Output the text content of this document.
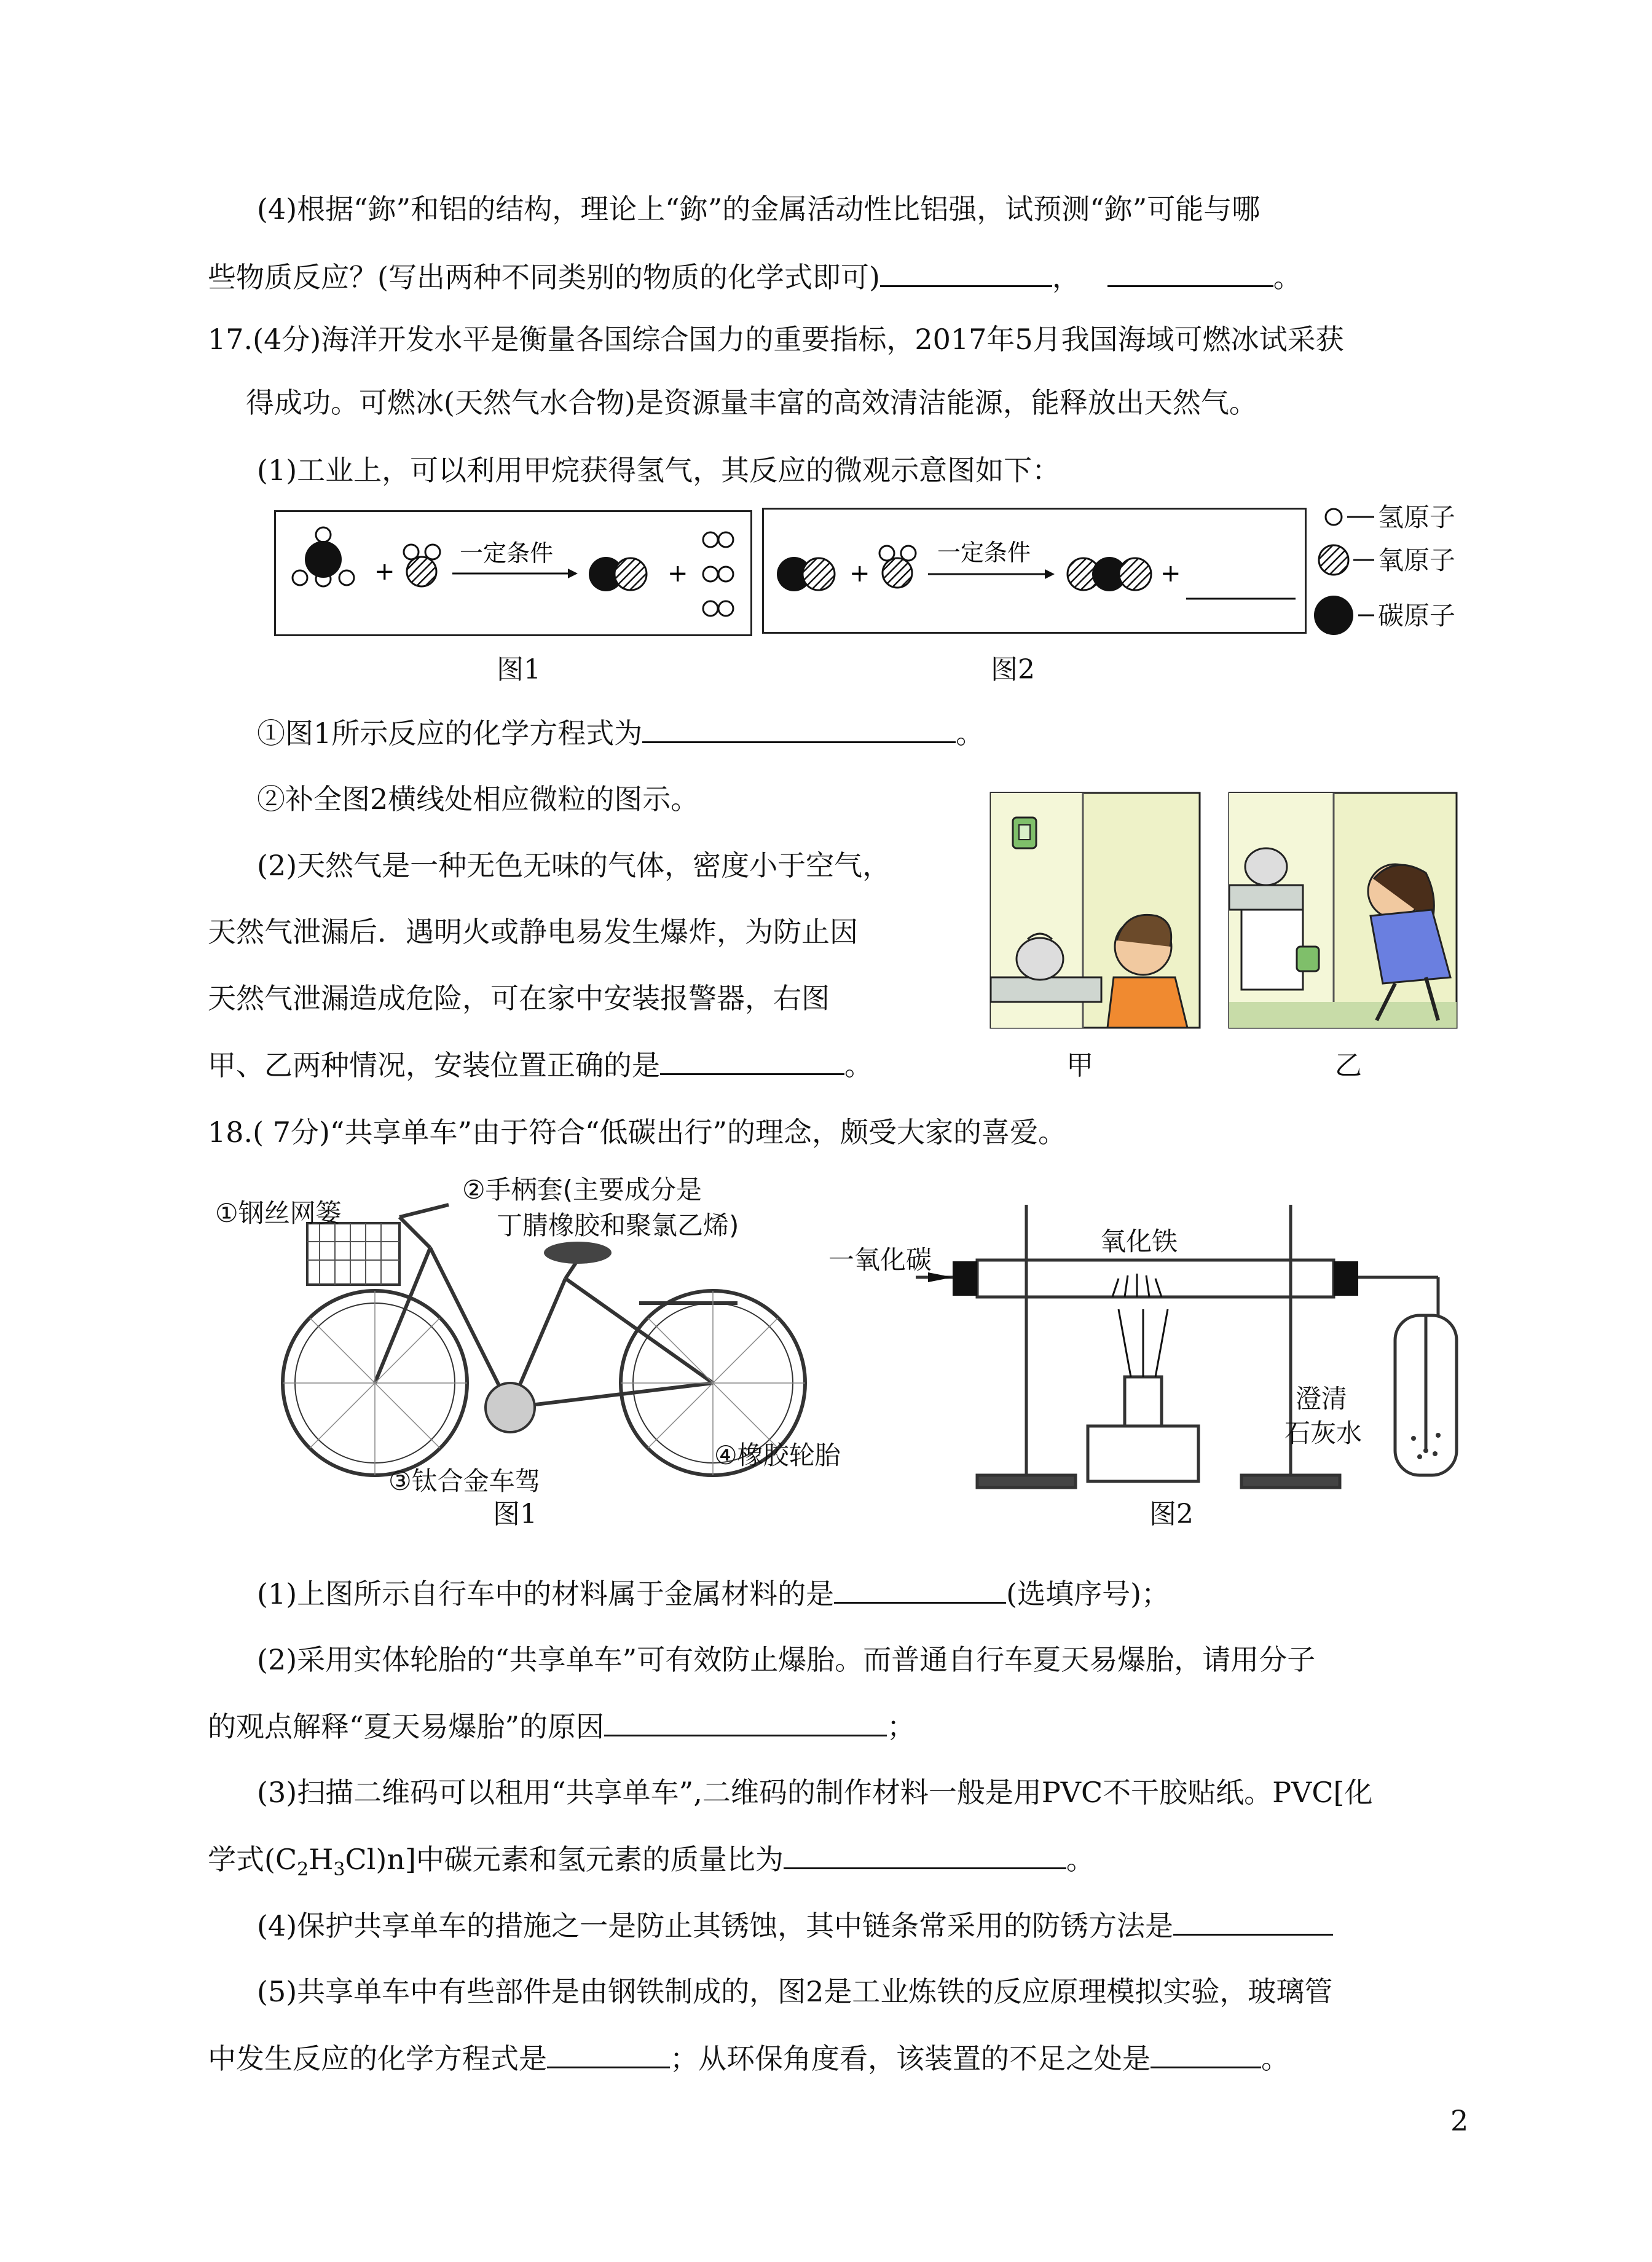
(4)根据“鉨”和铝的结构，理论上“鉨”的金属活动性比铝强，试预测“鉨”可能与哪
些物质反应？(写出两种不同类别的物质的化学式即可)	，	。
17.(4分)海洋开发水平是衡量各国综合国力的重要指标，2017年5月我国海域可燃冰试采获
得成功。可燃冰(天然气水合物)是资源量丰富的高效清洁能源，能释放出天然气。
(1)工业上，可以利用甲烷获得氢气，其反应的微观示意图如下：
+
一定条件
+	+
一定条件
+
氢原子
氧原子
碳原子
图1	图2
①图1所示反应的化学方程式为	。
②补全图2横线处相应微粒的图示。
(2)天然气是一种无色无味的气体，密度小于空气，
天然气泄漏后．遇明火或静电易发生爆炸，为防止因
天然气泄漏造成危险，可在家中安装报警器，右图
甲、乙两种情况，安装位置正确的是	。	甲	乙
18.( 7分)“共享单车”由于符合“低碳出行”的理念，颇受大家的喜爱。
①钢丝网篓
②手柄套(主要成分是
丁腈橡胶和聚氯乙烯)
③钛合金车驾
④橡胶轮胎
图1
一氧化碳
氧化铁
澄清
石灰水
图2
(1)上图所示自行车中的材料属于金属材料的是	(选填序号)；
(2)采用实体轮胎的“共享单车”可有效防止爆胎。而普通自行车夏天易爆胎，请用分子
的观点解释“夏天易爆胎”的原因	；
(3)扫描二维码可以租用“共享单车”,二维码的制作材料一般是用PVC不干胶贴纸。PVC[化
学式$(C_2H_3Cl)n$]中碳元素和氢元素的质量比为	。
(4)保护共享单车的措施之一是防止其锈蚀，其中链条常采用的防锈方法是
(5)共享单车中有些部件是由钢铁制成的，图2是工业炼铁的反应原理模拟实验，玻璃管
中发生反应的化学方程式是	；从环保角度看，该装置的不足之处是	。
2
